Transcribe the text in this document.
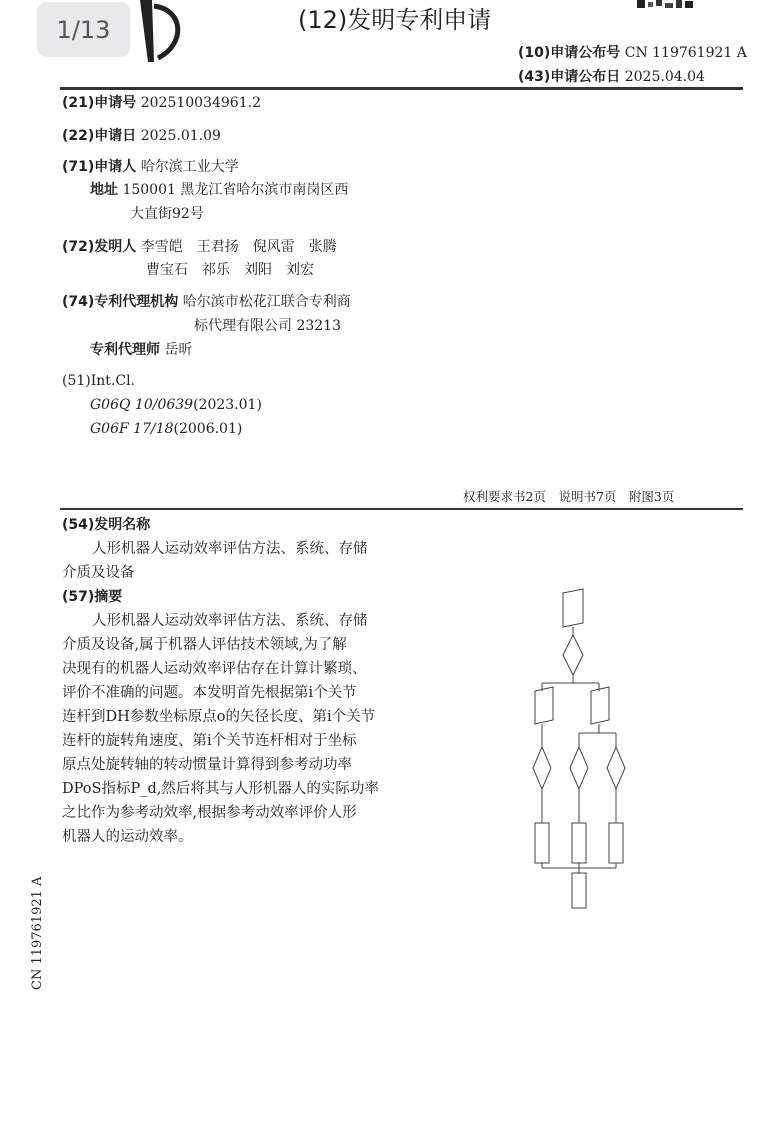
1/13	(12)发明专利申请
(10)申请公布号 CN 119761921 A
(43)申请公布日 2025.04.04
(21)申请号 202510034961.2
(22)申请日 2025.01.09
(71)申请人 哈尔滨工业大学
地址 150001 黑龙江省哈尔滨市南岗区西
大直街92号
(72)发明人 李雪皑　王君扬　倪风雷　张腾
曹宝石　祁乐　刘阳　刘宏
(74)专利代理机构 哈尔滨市松花江联合专利商
标代理有限公司 23213
专利代理师 岳昕
(51)Int.Cl.
G06Q 10/0639(2023.01)
G06F 17/18(2006.01)
权利要求书2页　说明书7页　附图3页
(54)发明名称
人形机器人运动效率评估方法、系统、存储
介质及设备
(57)摘要
人形机器人运动效率评估方法、系统、存储
介质及设备,属于机器人评估技术领域,为了解
决现有的机器人运动效率评估存在计算计繁琐、
评价不准确的问题。本发明首先根据第i个关节
连杆到DH参数坐标原点o的矢径长度、第i个关节
连杆的旋转角速度、第i个关节连杆相对于坐标
原点处旋转轴的转动惯量计算得到参考动功率
DPoS指标P_d,然后将其与人形机器人的实际功率
之比作为参考动效率,根据参考动效率评价人形
机器人的运动效率。
CN 119761921 A
